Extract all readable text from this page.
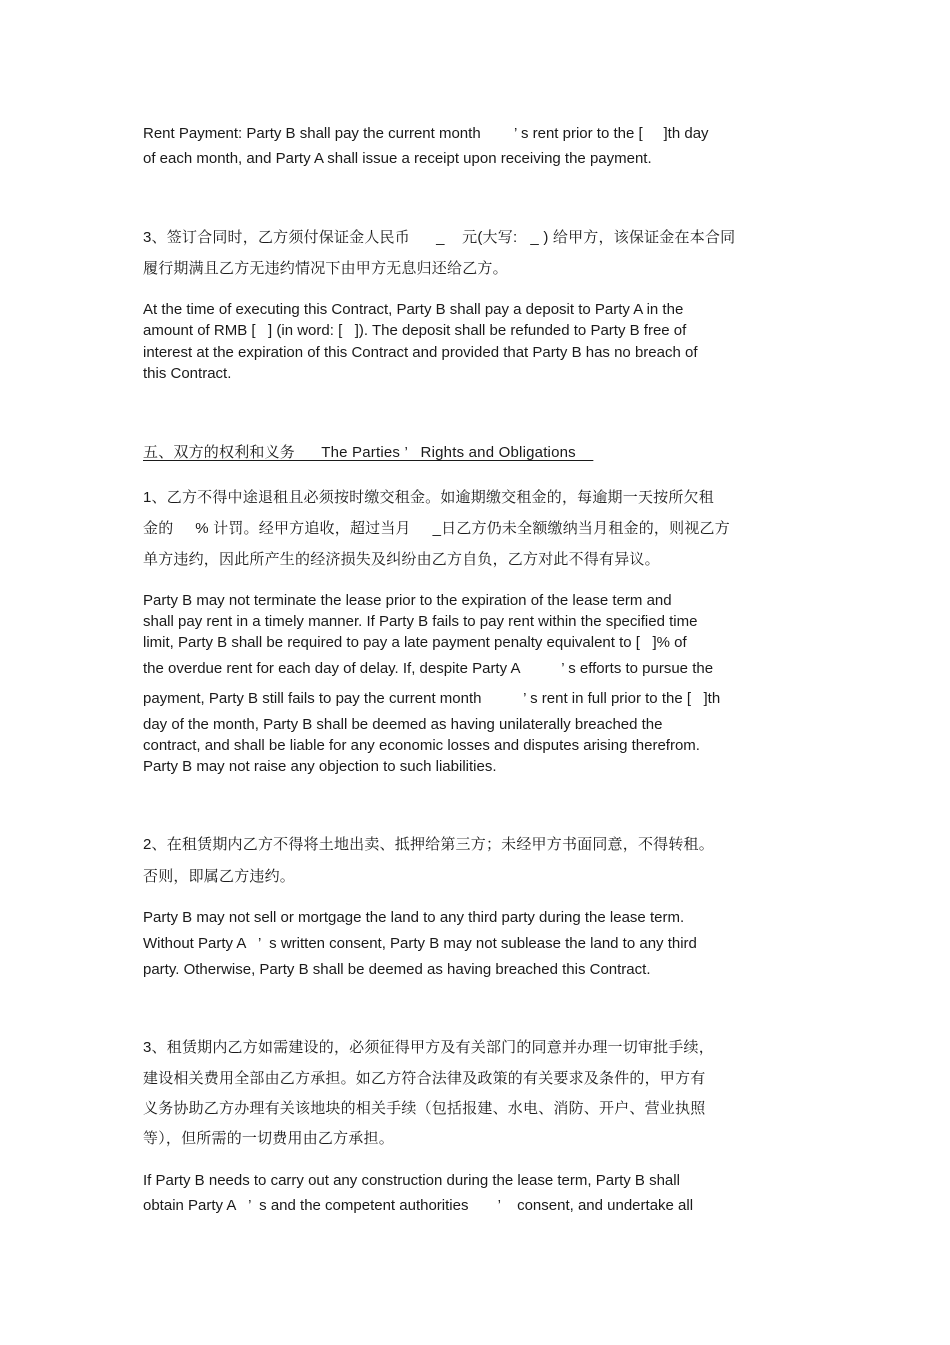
Rent Payment: Party B shall pay the current month        ’ s rent prior to the [     ]th day
of each month, and Party A shall issue a receipt upon receiving the payment.
3、签订合同时，乙方须付保证金人民币      _    元(大写:   _ ) 给甲方，该保证金在本合同
履行期满且乙方无违约情况下由甲方无息归还给乙方。
At the time of executing this Contract, Party B shall pay a deposit to Party A in the
amount of RMB [   ] (in word: [   ]). The deposit shall be refunded to Party B free of
interest at the expiration of this Contract and provided that Party B has no breach of
this Contract.
五、双方的权利和义务      The Parties ’   Rights and Obligations
1、乙方不得中途退租且必须按时缴交租金。如逾期缴交租金的，每逾期一天按所欠租
金的     % 计罚。经甲方追收，超过当月     _日乙方仍未全额缴纳当月租金的，则视乙方
单方违约，因此所产生的经济损失及纠纷由乙方自负，乙方对此不得有异议。
Party B may not terminate the lease prior to the expiration of the lease term and
shall pay rent in a timely manner. If Party B fails to pay rent within the specified time
limit, Party B shall be required to pay a late payment penalty equivalent to [   ]% of
the overdue rent for each day of delay. If, despite Party A          ’ s efforts to pursue the
payment, Party B still fails to pay the current month          ’ s rent in full prior to the [   ]th
day of the month, Party B shall be deemed as having unilaterally breached the
contract, and shall be liable for any economic losses and disputes arising therefrom.
Party B may not raise any objection to such liabilities.
2、在租赁期内乙方不得将土地出卖、抵押给第三方；未经甲方书面同意，不得转租。
否则，即属乙方违约。
Party B may not sell or mortgage the land to any third party during the lease term.
Without Party A   ’  s written consent, Party B may not sublease the land to any third
party. Otherwise, Party B shall be deemed as having breached this Contract.
3、租赁期内乙方如需建设的，必须征得甲方及有关部门的同意并办理一切审批手续，
建设相关费用全部由乙方承担。如乙方符合法律及政策的有关要求及条件的，甲方有
义务协助乙方办理有关该地块的相关手续（包括报建、水电、消防、开户、营业执照
等），但所需的一切费用由乙方承担。
If Party B needs to carry out any construction during the lease term, Party B shall
obtain Party A   ’  s and the competent authorities       ’    consent, and undertake all
